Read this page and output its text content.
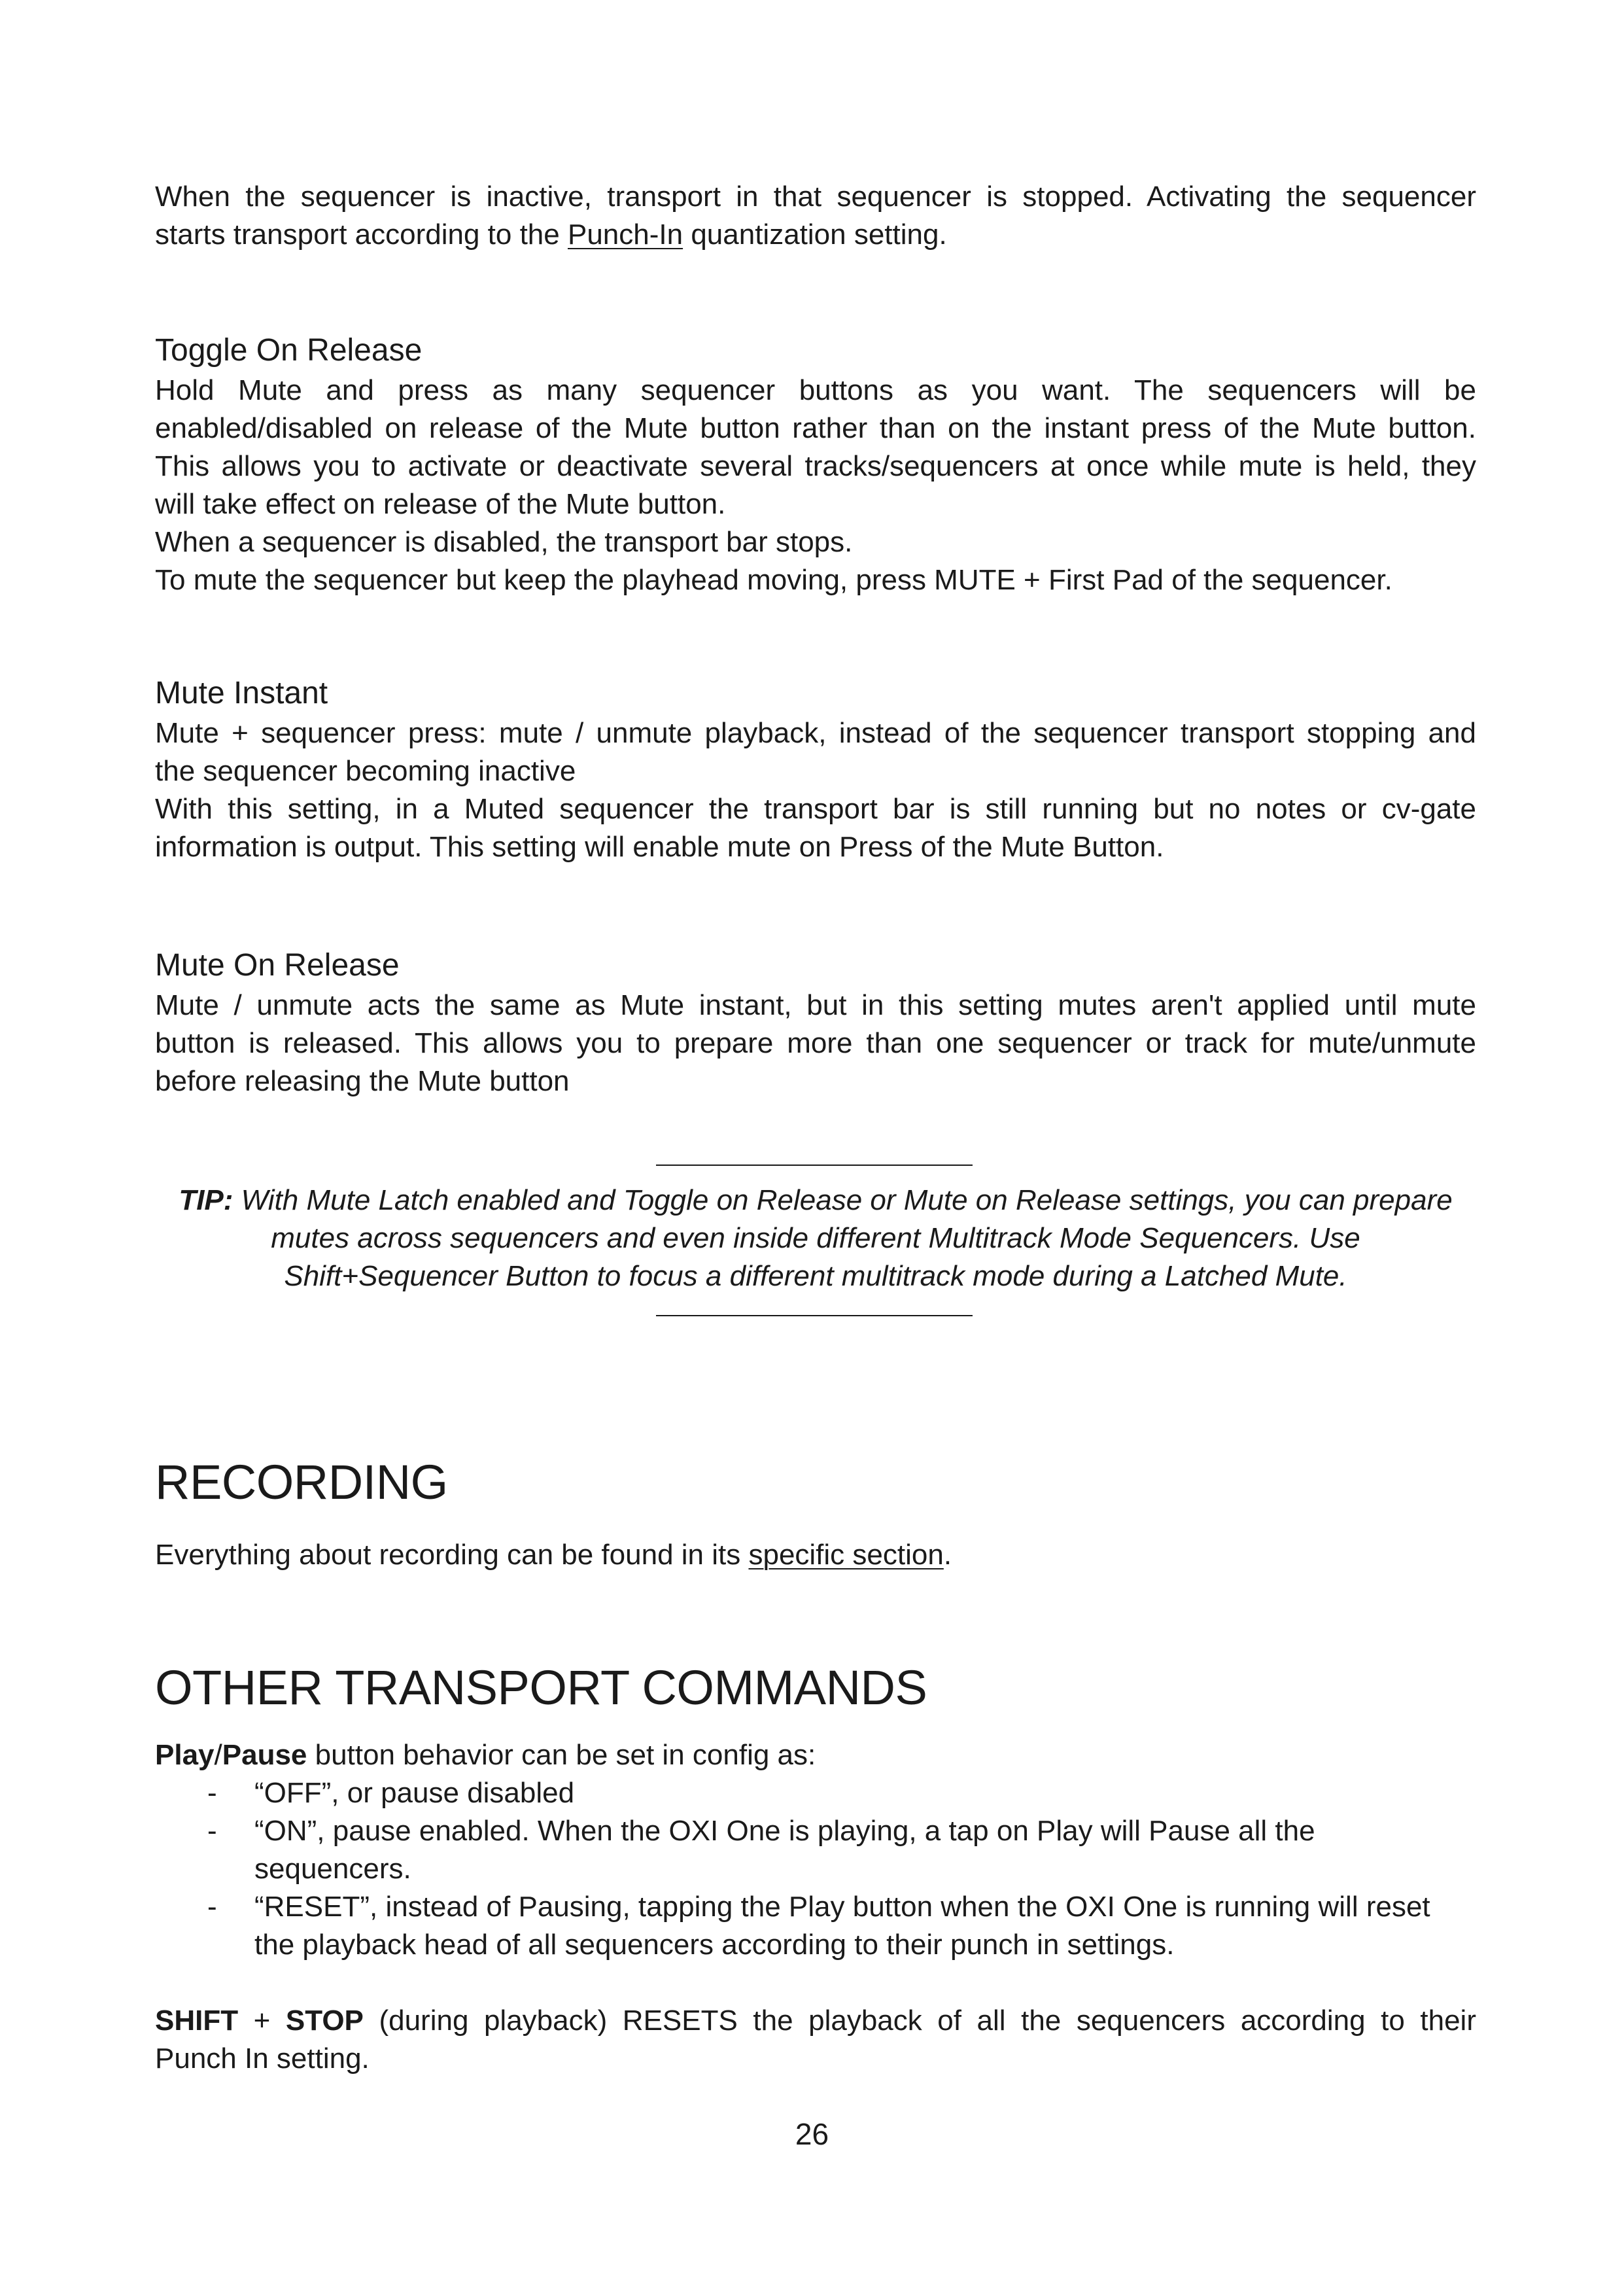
When the sequencer is inactive, transport in that sequencer is stopped. Activating the sequencer
starts transport according to the Punch-In quantization setting.
Toggle On Release
Hold Mute and press as many sequencer buttons as you want. The sequencers will be
enabled/disabled on release of the Mute button rather than on the instant press of the Mute button.
This allows you to activate or deactivate several tracks/sequencers at once while mute is held, they
will take effect on release of the Mute button.
When a sequencer is disabled, the transport bar stops.
To mute the sequencer but keep the playhead moving, press MUTE + First Pad of the sequencer.
Mute Instant
Mute + sequencer press: mute / unmute playback, instead of the sequencer transport stopping and
the sequencer becoming inactive
With this setting, in a Muted sequencer the transport bar is still running but no notes or cv-gate
information is output. This setting will enable mute on Press of the Mute Button.
Mute On Release
Mute / unmute acts the same as Mute instant, but in this setting mutes aren't applied until mute
button is released. This allows you to prepare more than one sequencer or track for mute/unmute
before releasing the Mute button
TIP: With Mute Latch enabled and Toggle on Release or Mute on Release settings, you can prepare
mutes across sequencers and even inside different Multitrack Mode Sequencers. Use
Shift+Sequencer Button to focus a different multitrack mode during a Latched Mute.
RECORDING
Everything about recording can be found in its specific section.
OTHER TRANSPORT COMMANDS
Play/Pause button behavior can be set in config as:
- “OFF”, or pause disabled
- “ON”, pause enabled. When the OXI One is playing, a tap on Play will Pause all the
sequencers.
- “RESET”, instead of Pausing, tapping the Play button when the OXI One is running will reset
the playback head of all sequencers according to their punch in settings.
SHIFT + STOP (during playback) RESETS the playback of all the sequencers according to their
Punch In setting.
26
